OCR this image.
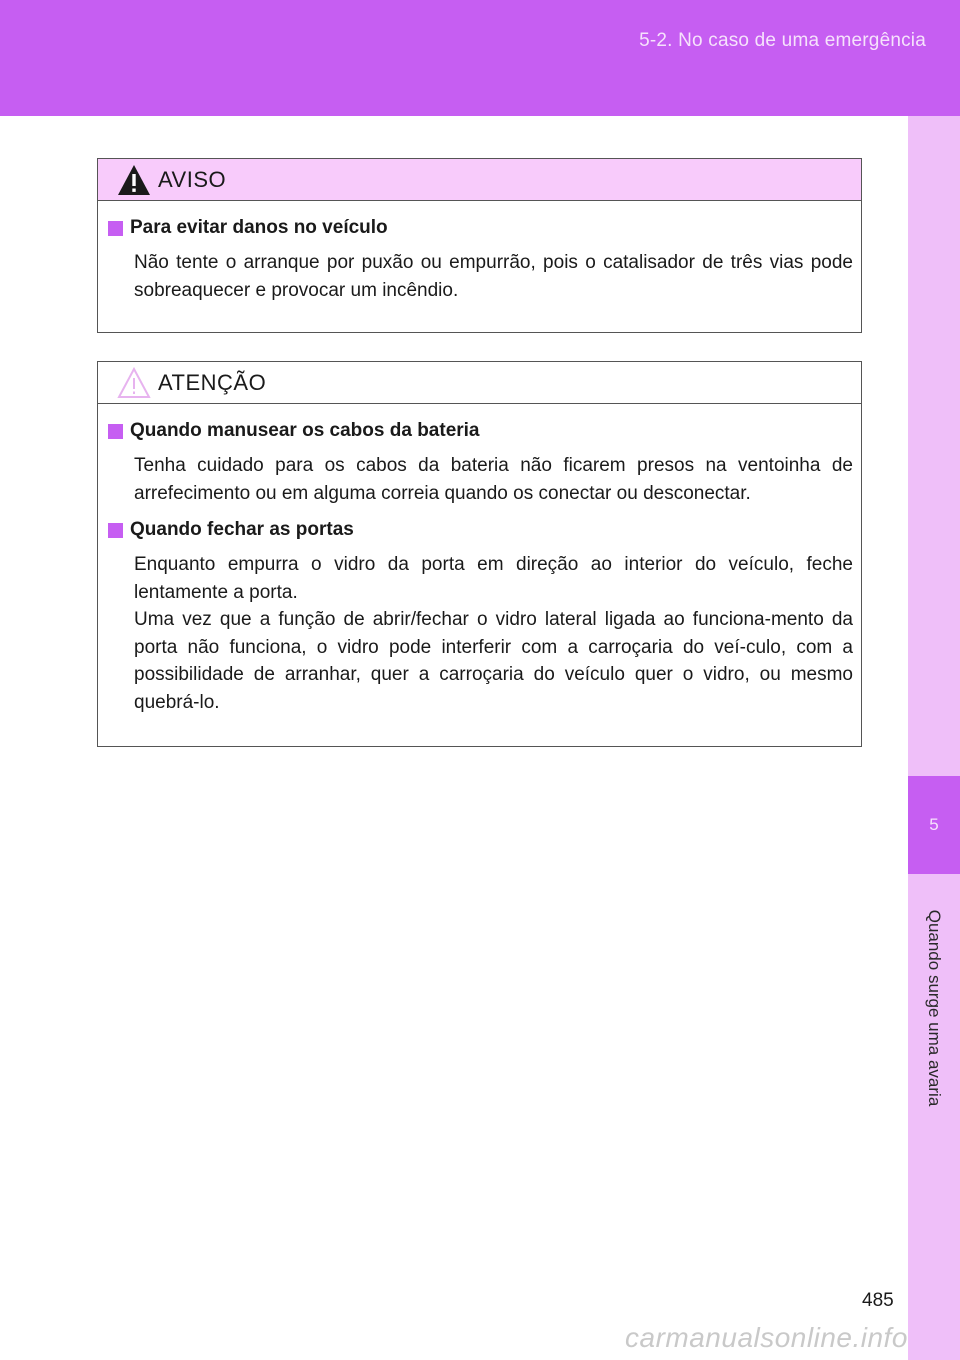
5-2. No caso de uma emergência
5
Quando surge uma avaria
AVISO
Para evitar danos no veículo

Não tente o arranque por puxão ou empurrão, pois o catalisador de três vias pode sobreaquecer e provocar um incêndio.

ATENÇÃO
Quando manusear os cabos da bateria

Tenha cuidado para os cabos da bateria não ficarem presos na ventoinha de arrefecimento ou em alguma correia quando os conectar ou desconectar.

Quando fechar as portas

Enquanto empurra o vidro da porta em direção ao interior do veículo, feche lentamente a porta.

Uma vez que a função de abrir/fechar o vidro lateral ligada ao funciona-mento da porta não funciona, o vidro pode interferir com a carroçaria do veí-culo, com a possibilidade de arranhar, quer a carroçaria do veículo quer o vidro, ou mesmo quebrá-lo.

485
carmanualsonline.info
